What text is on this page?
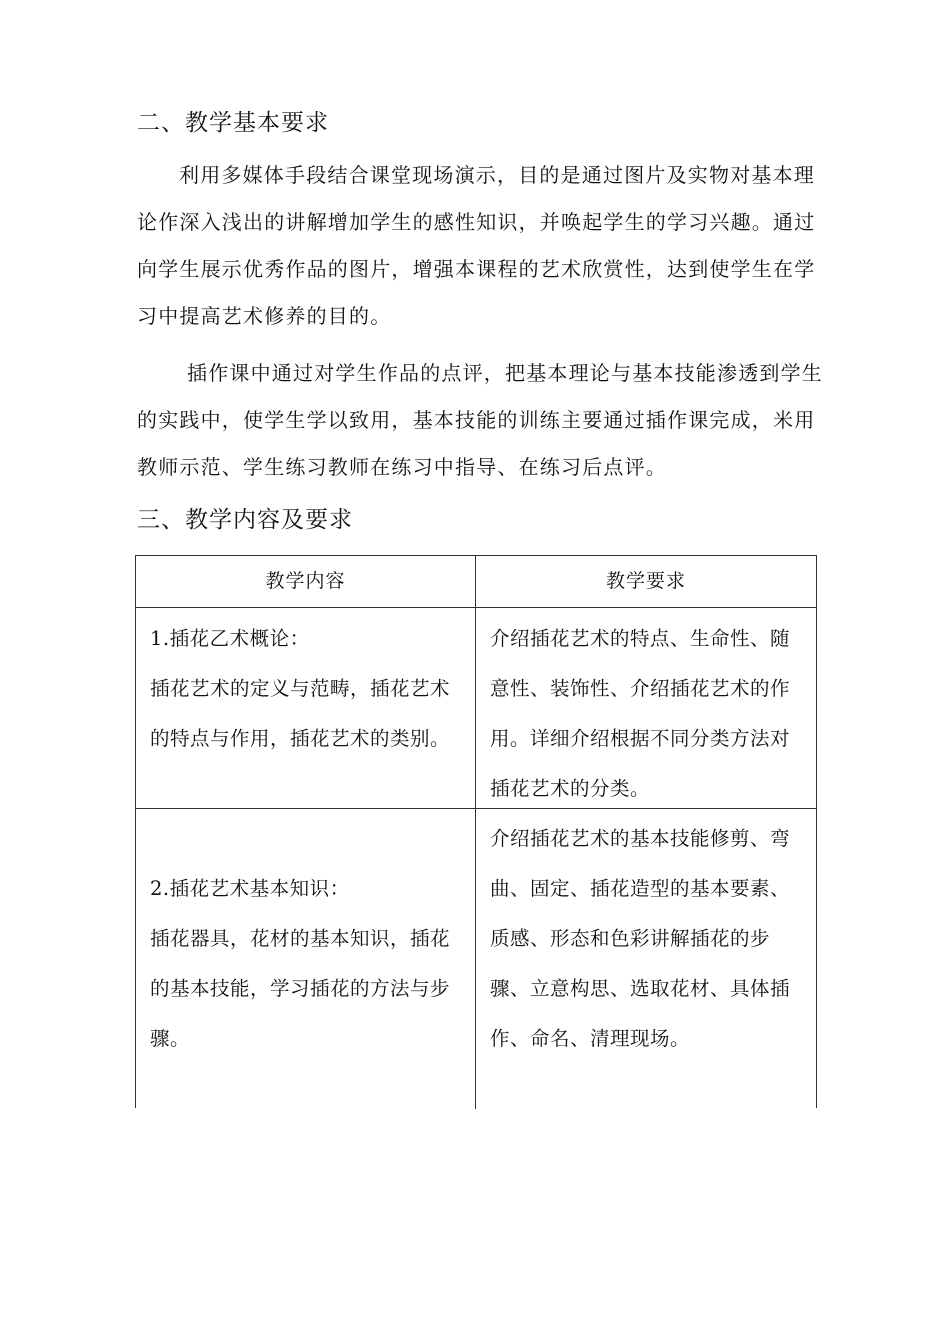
二、教学基本要求

利用多媒体手段结合课堂现场演示，目的是通过图片及实物对基本理论作深入浅出的讲解增加学生的感性知识，并唤起学生的学习兴趣。通过向学生展示优秀作品的图片，增强本课程的艺术欣赏性，达到使学生在学习中提高艺术修养的目的。

插作课中通过对学生作品的点评，把基本理论与基本技能渗透到学生的实践中，使学生学以致用，基本技能的训练主要通过插作课完成，米用教师示范、学生练习教师在练习中指导、在练习后点评。

三、教学内容及要求
教学内容	教学要求
1.插花乙术概论：
插花艺术的定义与范畴，插花艺术的特点与作用，插花艺术的类别。
介绍插花艺术的特点、生命性、随意性、装饰性、介绍插花艺术的作用。详细介绍根据不同分类方法对插花艺术的分类。
2.插花艺术基本知识：
插花器具，花材的基本知识，插花的基本技能，学习插花的方法与步骤。
介绍插花艺术的基本技能修剪、弯曲、固定、插花造型的基本要素、质感、形态和色彩讲解插花的步骤、立意构思、选取花材、具体插作、命名、清理现场。
